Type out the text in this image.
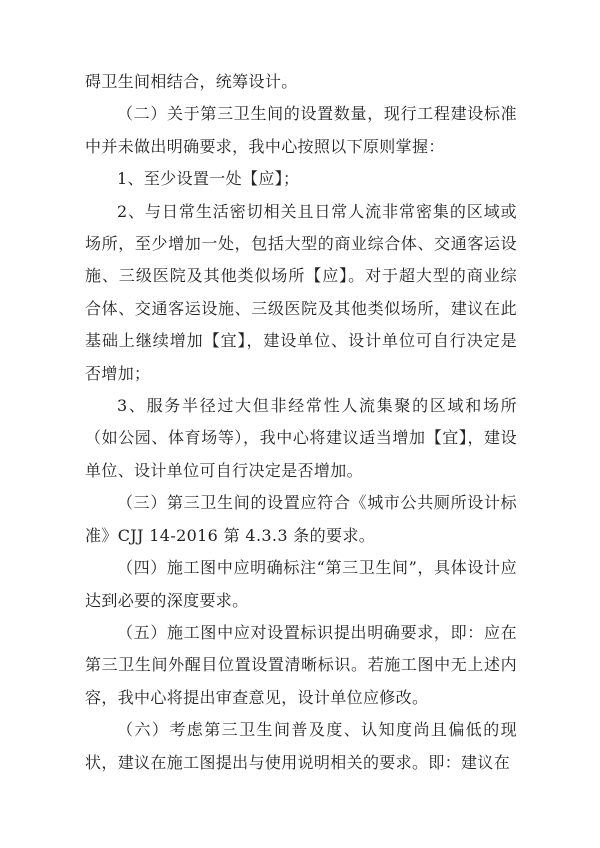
碍卫生间相结合，统筹设计。

（二）关于第三卫生间的设置数量，现行工程建设标准中并未做出明确要求，我中心按照以下原则掌握：

1、至少设置一处【应】；

2、与日常生活密切相关且日常人流非常密集的区域或场所，至少增加一处，包括大型的商业综合体、交通客运设施、三级医院及其他类似场所【应】。对于超大型的商业综合体、交通客运设施、三级医院及其他类似场所，建议在此基础上继续增加【宜】，建设单位、设计单位可自行决定是否增加；

3、服务半径过大但非经常性人流集聚的区域和场所（如公园、体育场等），我中心将建议适当增加【宜】，建设单位、设计单位可自行决定是否增加。

（三）第三卫生间的设置应符合《城市公共厕所设计标准》CJJ 14-2016 第 4.3.3 条的要求。

（四）施工图中应明确标注“第三卫生间”，具体设计应达到必要的深度要求。

（五）施工图中应对设置标识提出明确要求，即：应在第三卫生间外醒目位置设置清晰标识。若施工图中无上述内容，我中心将提出审查意见，设计单位应修改。

（六）考虑第三卫生间普及度、认知度尚且偏低的现状，建议在施工图提出与使用说明相关的要求。即：建议在
